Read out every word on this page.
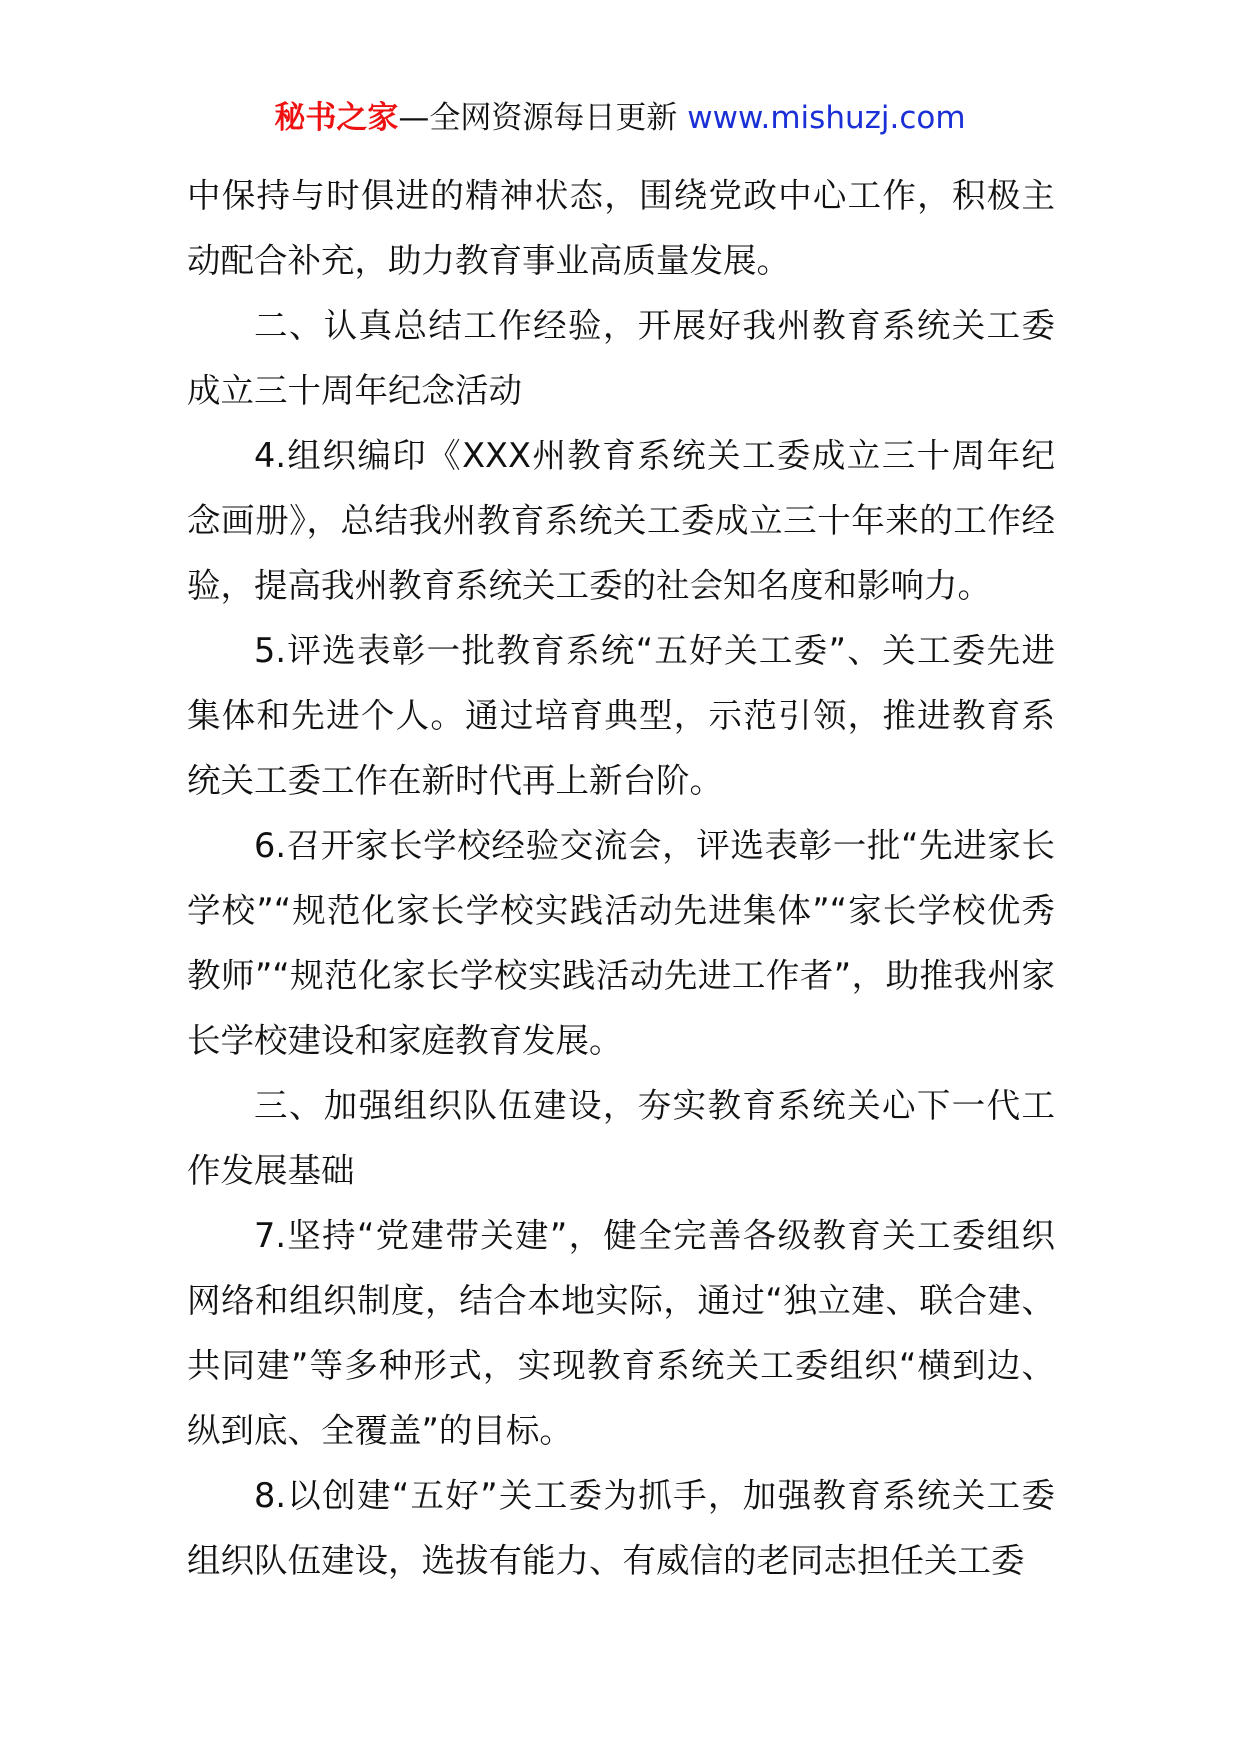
秘书之家—全网资源每日更新 www.mishuzj.com

中保持与时俱进的精神状态，围绕党政中心工作，积极主动配合补充，助力教育事业高质量发展。

二、认真总结工作经验，开展好我州教育系统关工委成立三十周年纪念活动

4.组织编印《XXX州教育系统关工委成立三十周年纪念画册》，总结我州教育系统关工委成立三十年来的工作经验，提高我州教育系统关工委的社会知名度和影响力。

5.评选表彰一批教育系统“五好关工委”、关工委先进集体和先进个人。通过培育典型，示范引领，推进教育系统关工委工作在新时代再上新台阶。

6.召开家长学校经验交流会，评选表彰一批“先进家长学校”“规范化家长学校实践活动先进集体”“家长学校优秀教师”“规范化家长学校实践活动先进工作者”，助推我州家长学校建设和家庭教育发展。

三、加强组织队伍建设，夯实教育系统关心下一代工作发展基础

7.坚持“党建带关建”，健全完善各级教育关工委组织网络和组织制度，结合本地实际，通过“独立建、联合建、共同建”等多种形式，实现教育系统关工委组织“横到边、纵到底、全覆盖”的目标。

8.以创建“五好”关工委为抓手，加强教育系统关工委组织队伍建设，选拔有能力、有威信的老同志担任关工委
